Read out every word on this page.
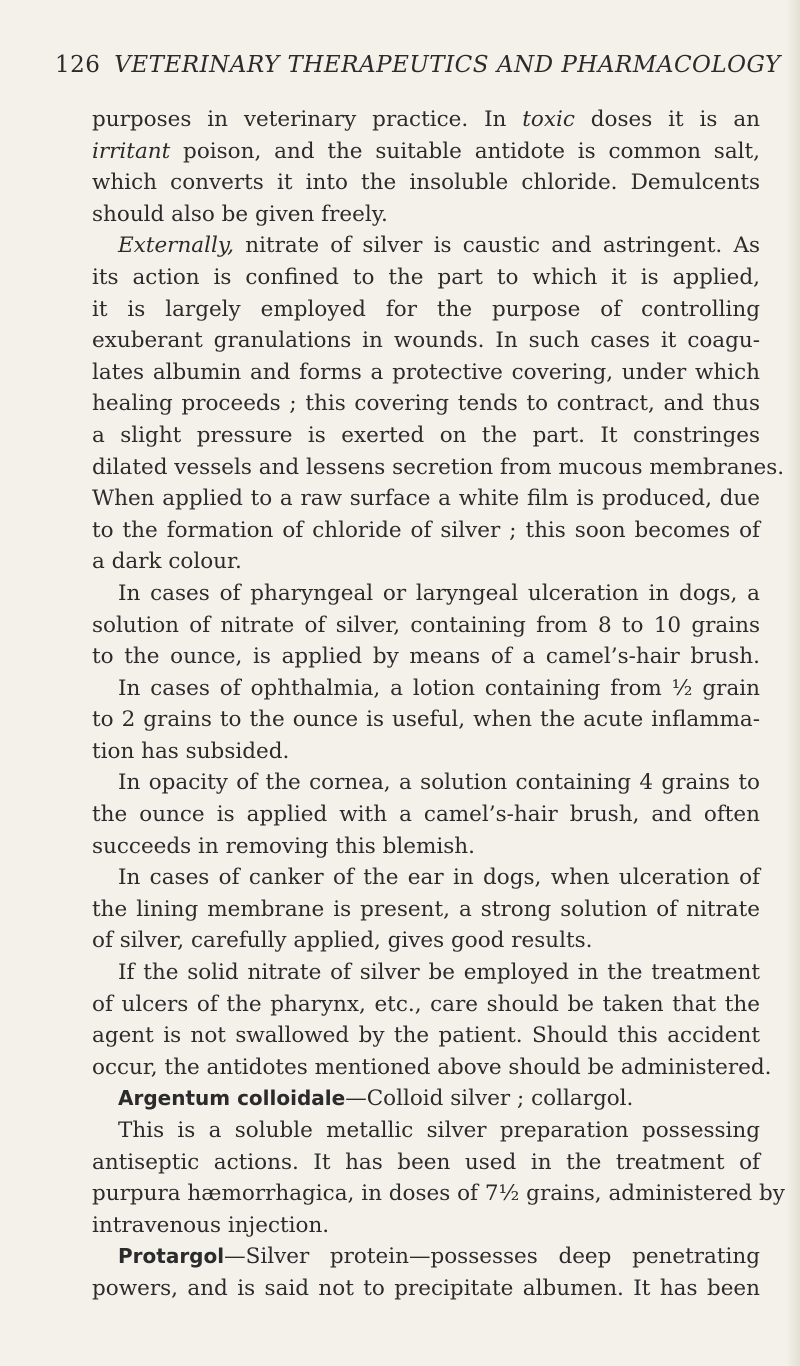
126 VETERINARY THERAPEUTICS AND PHARMACOLOGY
purposes in veterinary practice. In toxic doses it is an
irritant poison, and the suitable antidote is common salt,
which converts it into the insoluble chloride. Demulcents
should also be given freely.
Externally, nitrate of silver is caustic and astringent. As
its action is confined to the part to which it is applied,
it is largely employed for the purpose of controlling
exuberant granulations in wounds. In such cases it coagu-
lates albumin and forms a protective covering, under which
healing proceeds ; this covering tends to contract, and thus
a slight pressure is exerted on the part. It constringes
dilated vessels and lessens secretion from mucous membranes.
When applied to a raw surface a white film is produced, due
to the formation of chloride of silver ; this soon becomes of
a dark colour.
In cases of pharyngeal or laryngeal ulceration in dogs, a
solution of nitrate of silver, containing from 8 to 10 grains
to the ounce, is applied by means of a camel’s-hair brush.
In cases of ophthalmia, a lotion containing from ½ grain
to 2 grains to the ounce is useful, when the acute inflamma-
tion has subsided.
In opacity of the cornea, a solution containing 4 grains to
the ounce is applied with a camel’s-hair brush, and often
succeeds in removing this blemish.
In cases of canker of the ear in dogs, when ulceration of
the lining membrane is present, a strong solution of nitrate
of silver, carefully applied, gives good results.
If the solid nitrate of silver be employed in the treatment
of ulcers of the pharynx, etc., care should be taken that the
agent is not swallowed by the patient. Should this accident
occur, the antidotes mentioned above should be administered.
Argentum colloidale—Colloid silver ; collargol.
This is a soluble metallic silver preparation possessing
antiseptic actions. It has been used in the treatment of
purpura hæmorrhagica, in doses of 7½ grains, administered by
intravenous injection.
Protargol—Silver protein—possesses deep penetrating
powers, and is said not to precipitate albumen. It has been
